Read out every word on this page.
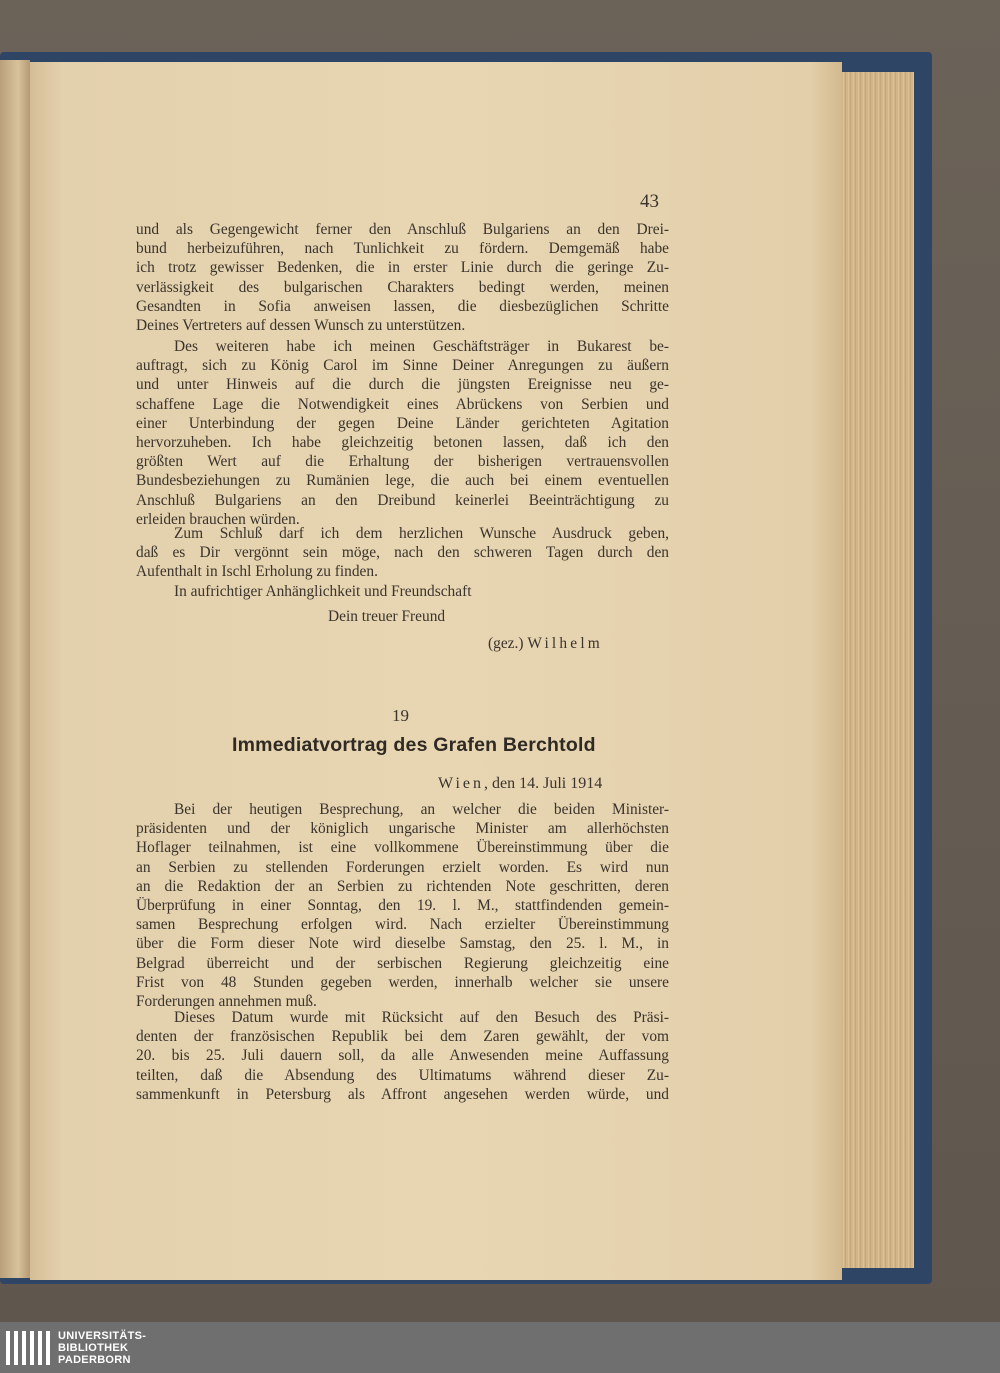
43

und als Gegengewicht ferner den Anschluß Bulgariens an den Drei-
bund herbeizuführen, nach Tunlichkeit zu fördern. Demgemäß habe
ich trotz gewisser Bedenken, die in erster Linie durch die geringe Zu-
verlässigkeit des bulgarischen Charakters bedingt werden, meinen
Gesandten in Sofia anweisen lassen, die diesbezüglichen Schritte
Deines Vertreters auf dessen Wunsch zu unterstützen.

Des weiteren habe ich meinen Geschäftsträger in Bukarest be-
auftragt, sich zu König Carol im Sinne Deiner Anregungen zu äußern
und unter Hinweis auf die durch die jüngsten Ereignisse neu ge-
schaffene Lage die Notwendigkeit eines Abrückens von Serbien und
einer Unterbindung der gegen Deine Länder gerichteten Agitation
hervorzuheben. Ich habe gleichzeitig betonen lassen, daß ich den
größten Wert auf die Erhaltung der bisherigen vertrauensvollen
Bundesbeziehungen zu Rumänien lege, die auch bei einem eventuellen
Anschluß Bulgariens an den Dreibund keinerlei Beeinträchtigung zu
erleiden brauchen würden.

Zum Schluß darf ich dem herzlichen Wunsche Ausdruck geben,
daß es Dir vergönnt sein möge, nach den schweren Tagen durch den
Aufenthalt in Ischl Erholung zu finden.

In aufrichtiger Anhänglichkeit und Freundschaft
Dein treuer Freund
(gez.) Wilhelm
19
Immediatvortrag des Grafen Berchtold
Wien, den 14. Juli 1914

Bei der heutigen Besprechung, an welcher die beiden Minister-
präsidenten und der königlich ungarische Minister am allerhöchsten
Hoflager teilnahmen, ist eine vollkommene Übereinstimmung über die
an Serbien zu stellenden Forderungen erzielt worden. Es wird nun
an die Redaktion der an Serbien zu richtenden Note geschritten, deren
Überprüfung in einer Sonntag, den 19. l. M., stattfindenden gemein-
samen Besprechung erfolgen wird. Nach erzielter Übereinstimmung
über die Form dieser Note wird dieselbe Samstag, den 25. l. M., in
Belgrad überreicht und der serbischen Regierung gleichzeitig eine
Frist von 48 Stunden gegeben werden, innerhalb welcher sie unsere
Forderungen annehmen muß.

Dieses Datum wurde mit Rücksicht auf den Besuch des Präsi-
denten der französischen Republik bei dem Zaren gewählt, der vom
20. bis 25. Juli dauern soll, da alle Anwesenden meine Auffassung
teilten, daß die Absendung des Ultimatums während dieser Zu-
sammenkunft in Petersburg als Affront angesehen werden würde, und

UNIVERSITÄTS-
BIBLIOTHEK
PADERBORN
